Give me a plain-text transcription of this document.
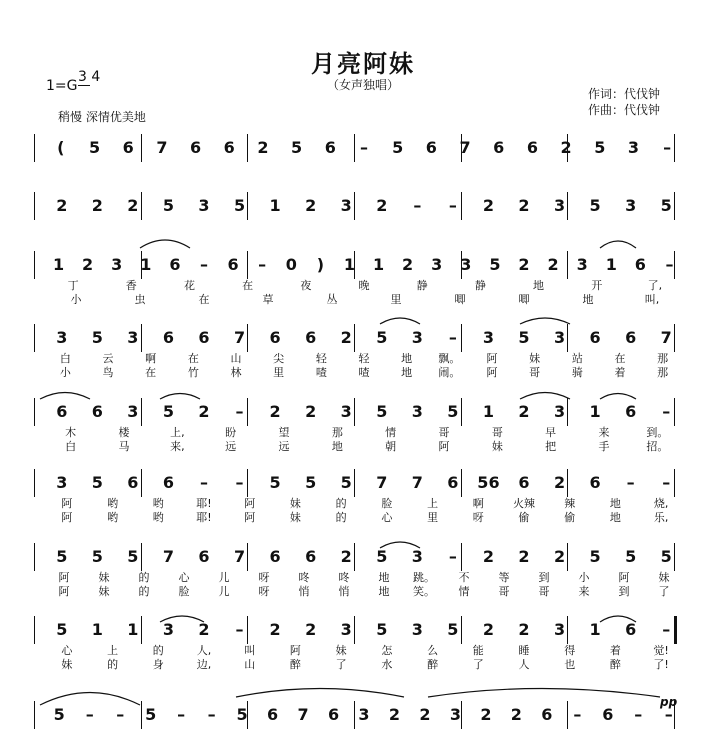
月亮阿妹
（女声独唱）
1=G
3 4
稍慢 深情优美地
作词：代伐钟
作曲：代伐钟
( 5 6 7 6 6 2 5 6 – 5 6 7 6 6 2 5 3 –
2 2 2 5 3 5 1 2 3 2 – – 2 2 3 5 3 5
1 2 3 1 6 – 6 – 0 ) 1 1 2 3 3 5 2 2 3 1 6 –
丁	香	花	在	夜	晚	静	静	地	开	了,
小	虫	在	草	丛	里	唧	唧	地	叫,
3 5 3 6 6 7 6 6 2 5 3 – 3 5 3 6 6 7
白	云	啊	在	山	尖	轻	轻	地 飘。 阿	妹	站	在	那
小	鸟	在	竹	林	里	喳	喳	地 闹。 阿	哥	骑	着	那
6 6 3 5 2 – 2 2 3 5 3 5 1 2 3 1 6 –
木	楼	上,	盼	望	那	情	哥	哥	早	来	到。
白	马	来,	远	远	地	朝	阿	妹	把	手	招。
3 5 6 6 – – 5 5 5 7 7 6 56 6 2 6 – –
阿	哟	哟	耶!	阿	妹	的	脸	上	啊	火辣	辣	地	烧,
阿	哟	哟	耶!	阿	妹	的	心	里	呀	偷	偷	地	乐,
5 5 5 7 6 7 6 6 2 5 3 – 2 2 2 5 5 5
阿	妹	的	心	儿	呀	咚	咚	地 跳。 不	等	到	小	阿	妹
阿	妹	的	脸	儿	呀	悄	悄	地 笑。 情	哥	哥	来	到	了
5 1 1 3 2 – 2 2 3 5 3 5 2 2 3 1 6 –
心	上	的	人,	叫	阿	妹	怎	么	能	睡	得	着	觉!
妹	的	身	边,	山	醉	了	水	醉	了	人	也	醉	了!
5 – – 5 – – 5 6 7 6 3 2 2 3 2 2 6 – 6 – –
pp
